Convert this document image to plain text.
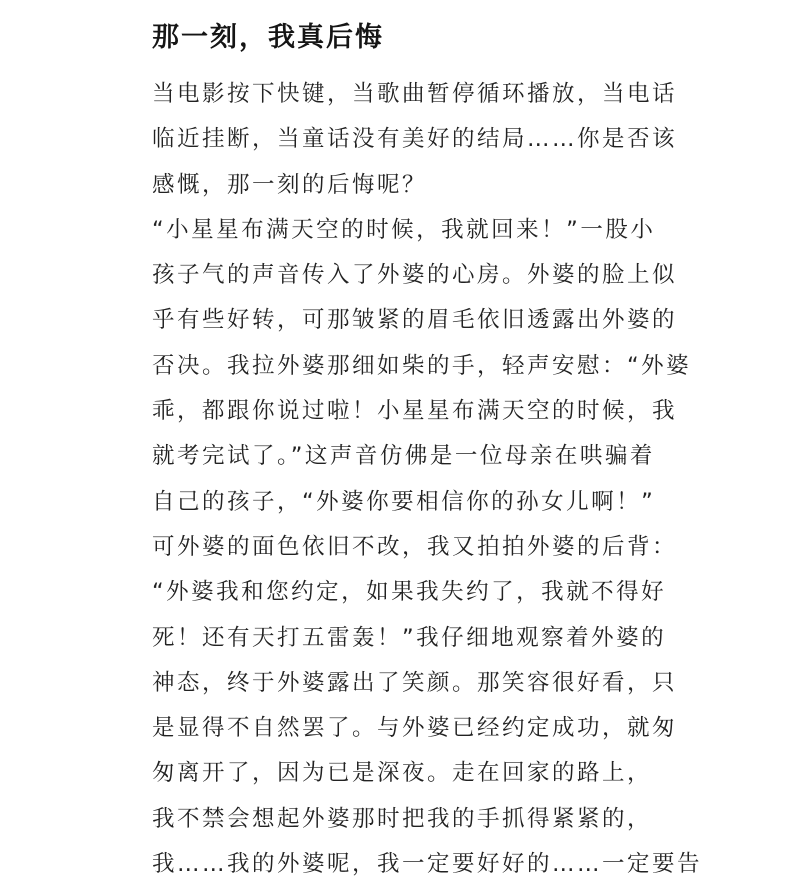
那一刻，我真后悔
当电影按下快键，当歌曲暂停循环播放，当电话
临近挂断，当童话没有美好的结局……你是否该
感慨，那一刻的后悔呢？
“小星星布满天空的时候，我就回来！”一股小
孩子气的声音传入了外婆的心房。外婆的脸上似
乎有些好转，可那皱紧的眉毛依旧透露出外婆的
否决。我拉外婆那细如柴的手，轻声安慰：“外婆
乖，都跟你说过啦！小星星布满天空的时候，我
就考完试了。”这声音仿佛是一位母亲在哄骗着
自己的孩子，“外婆你要相信你的孙女儿啊！”
可外婆的面色依旧不改，我又拍拍外婆的后背：
“外婆我和您约定，如果我失约了，我就不得好
死！还有天打五雷轰！”我仔细地观察着外婆的
神态，终于外婆露出了笑颜。那笑容很好看，只
是显得不自然罢了。与外婆已经约定成功，就匆
匆离开了，因为已是深夜。走在回家的路上，
我不禁会想起外婆那时把我的手抓得紧紧的，
我……我的外婆呢，我一定要好好的……一定要告
